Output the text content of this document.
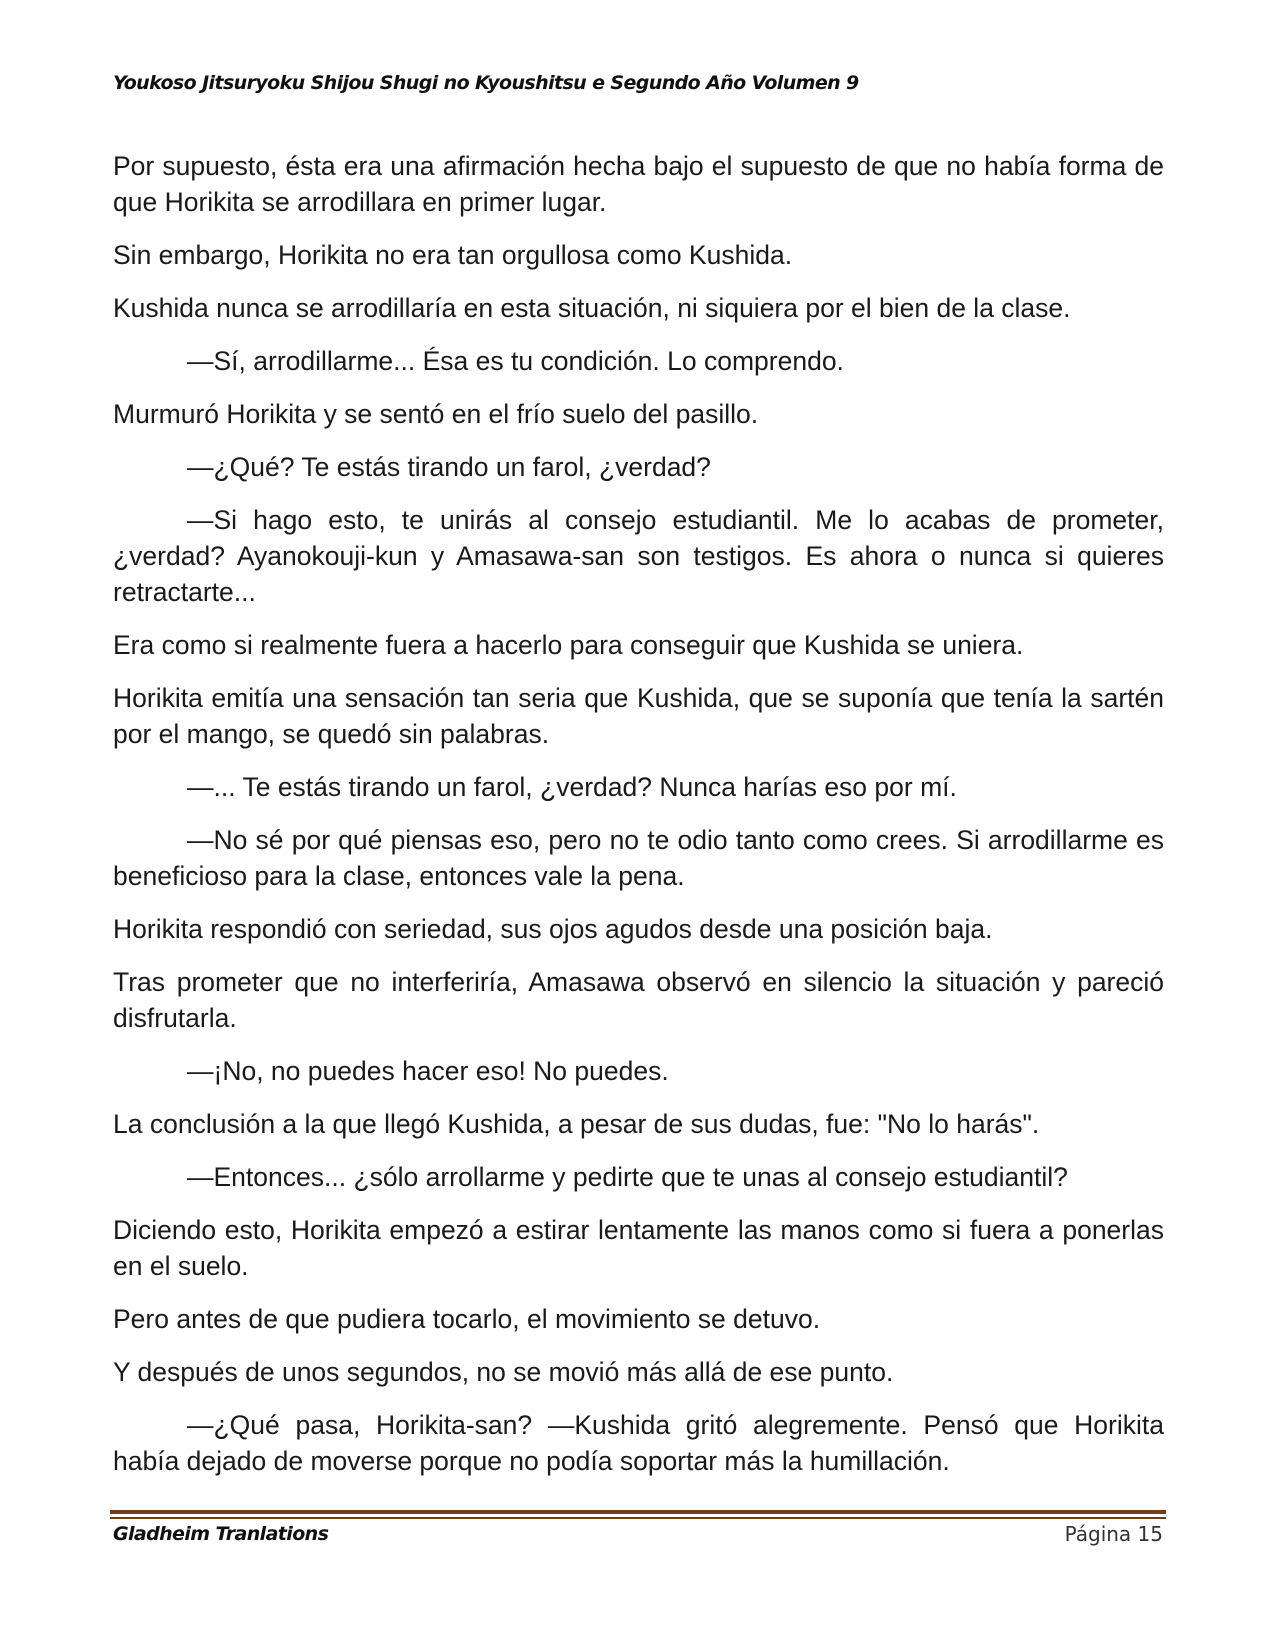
Youkoso Jitsuryoku Shijou Shugi no Kyoushitsu e Segundo Año Volumen 9

Por supuesto, ésta era una afirmación hecha bajo el supuesto de que no había forma de que Horikita se arrodillara en primer lugar.

Sin embargo, Horikita no era tan orgullosa como Kushida.

Kushida nunca se arrodillaría en esta situación, ni siquiera por el bien de la clase.

—Sí, arrodillarme... Ésa es tu condición. Lo comprendo.

Murmuró Horikita y se sentó en el frío suelo del pasillo.

—¿Qué? Te estás tirando un farol, ¿verdad?

—Si hago esto, te unirás al consejo estudiantil. Me lo acabas de prometer, ¿verdad? Ayanokouji-kun y Amasawa-san son testigos. Es ahora o nunca si quieres retractarte...

Era como si realmente fuera a hacerlo para conseguir que Kushida se uniera.

Horikita emitía una sensación tan seria que Kushida, que se suponía que tenía la sartén por el mango, se quedó sin palabras.

—... Te estás tirando un farol, ¿verdad? Nunca harías eso por mí.

—No sé por qué piensas eso, pero no te odio tanto como crees. Si arrodillarme es beneficioso para la clase, entonces vale la pena.

Horikita respondió con seriedad, sus ojos agudos desde una posición baja.

Tras prometer que no interferiría, Amasawa observó en silencio la situación y pareció disfrutarla.

—¡No, no puedes hacer eso! No puedes.

La conclusión a la que llegó Kushida, a pesar de sus dudas, fue: "No lo harás".

—Entonces... ¿sólo arrollarme y pedirte que te unas al consejo estudiantil?

Diciendo esto, Horikita empezó a estirar lentamente las manos como si fuera a ponerlas en el suelo.

Pero antes de que pudiera tocarlo, el movimiento se detuvo.

Y después de unos segundos, no se movió más allá de ese punto.

—¿Qué pasa, Horikita-san? —Kushida gritó alegremente. Pensó que Horikita había dejado de moverse porque no podía soportar más la humillación.

Gladheim Tranlations	Página 15
